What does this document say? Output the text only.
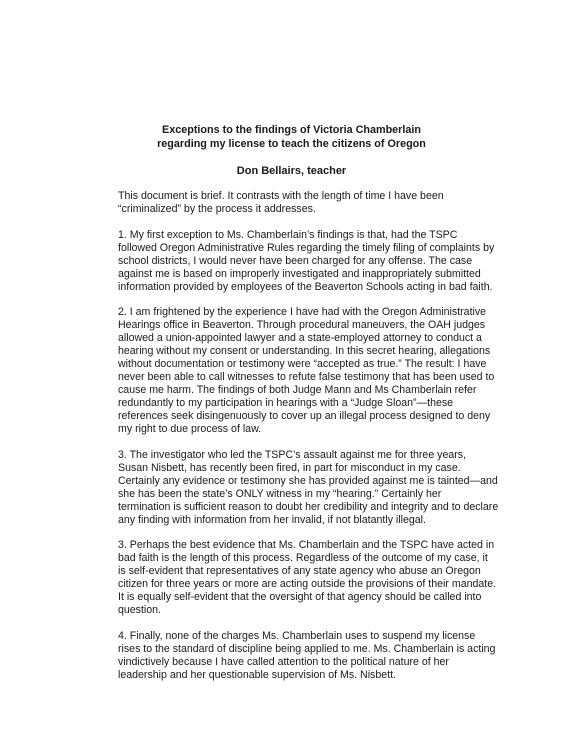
Exceptions to the findings of Victoria Chamberlain
regarding my license to teach the citizens of Oregon
Don Bellairs, teacher
This document is brief. It contrasts with the length of time I have been
“criminalized” by the process it addresses.
1. My first exception to Ms. Chamberlain’s findings is that, had the TSPC
followed Oregon Administrative Rules regarding the timely filing of complaints by
school districts, I would never have been charged for any offense. The case
against me is based on improperly investigated and inappropriately submitted
information provided by employees of the Beaverton Schools acting in bad faith.
2. I am frightened by the experience I have had with the Oregon Administrative
Hearings office in Beaverton. Through procedural maneuvers, the OAH judges
allowed a union-appointed lawyer and a state-employed attorney to conduct a
hearing without my consent or understanding. In this secret hearing, allegations
without documentation or testimony were “accepted as true.” The result: I have
never been able to call witnesses to refute false testimony that has been used to
cause me harm. The findings of both Judge Mann and Ms Chamberlain refer
redundantly to my participation in hearings with a “Judge Sloan”—these
references seek disingenuously to cover up an illegal process designed to deny
my right to due process of law.
3. The investigator who led the TSPC’s assault against me for three years,
Susan Nisbett, has recently been fired, in part for misconduct in my case.
Certainly any evidence or testimony she has provided against me is tainted—and
she has been the state’s ONLY witness in my “hearing.” Certainly her
termination is sufficient reason to doubt her credibility and integrity and to declare
any finding with information from her invalid, if not blatantly illegal.
3. Perhaps the best evidence that Ms. Chamberlain and the TSPC have acted in
bad faith is the length of this process. Regardless of the outcome of my case, it
is self-evident that representatives of any state agency who abuse an Oregon
citizen for three years or more are acting outside the provisions of their mandate.
It is equally self-evident that the oversight of that agency should be called into
question.
4. Finally, none of the charges Ms. Chamberlain uses to suspend my license
rises to the standard of discipline being applied to me. Ms. Chamberlain is acting
vindictively because I have called attention to the political nature of her
leadership and her questionable supervision of Ms. Nisbett.
